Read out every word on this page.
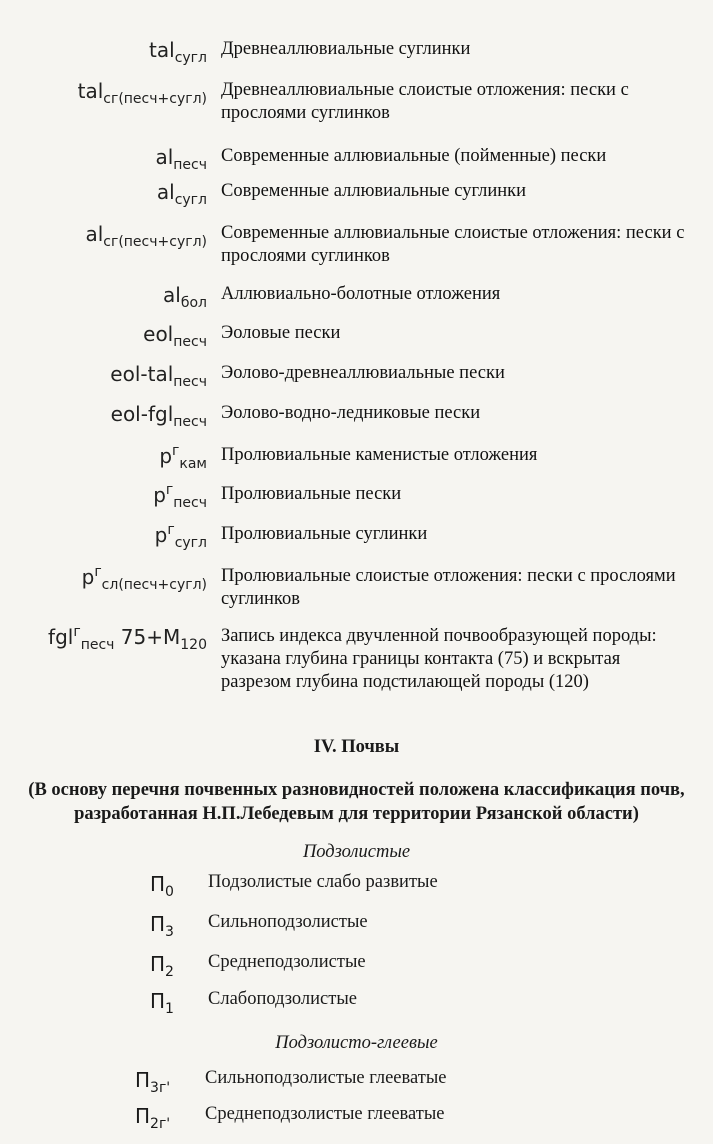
tal$_{сугл}$ Древнеаллювиальные суглинки
tal$_{сг(песч+сугл)}$ Древнеаллювиальные слоистые отложения: пески с прослоями суглинков
$al_{песч}$ Современные аллювиальные (пойменные) пески
$al_{сугл}$ Современные аллювиальные суглинки
$al_{сг(песч+сугл)}$ Современные аллювиальные слоистые отложения: пески с прослоями суглинков
$al_{бол}$ Аллювиально-болотные отложения
eol$_{песч}$ Эоловые пески
eol-tal$_{песч}$ Эолово-древнеаллювиальные пески
eol-fgl$_{песч}$ Эолово-водно-ледниковые пески
$p^г_{кам}$ Пролювиальные каменистые отложения
$p^г_{песч}$ Пролювиальные пески
$p^г_{сугл}$ Пролювиальные суглинки
$p^г_{сл(песч+сугл)}$ Пролювиальные слоистые отложения: пески с прослоями суглинков
fgl$^г_{песч}$ $75+M_{120}$ Запись индекса двучленной почвообразующей породы: указана глубина границы контакта (75) и вскрытая разрезом глубина подстилающей породы (120)
IV. Почвы
(В основу перечня почвенных разновидностей положена классификация почв, разработанная Н.П.Лебедевым для территории Рязанской области)
Подзолистые
$П_0$ Подзолистые слабо развитые
$П_3$ Сильноподзолистые
$П_2$ Среднеподзолистые
$П_1$ Слабоподзолистые
Подзолисто-глеевые
$П_{3г'}$ Сильноподзолистые глееватые
$П_{2г'}$ Среднеподзолистые глееватые
